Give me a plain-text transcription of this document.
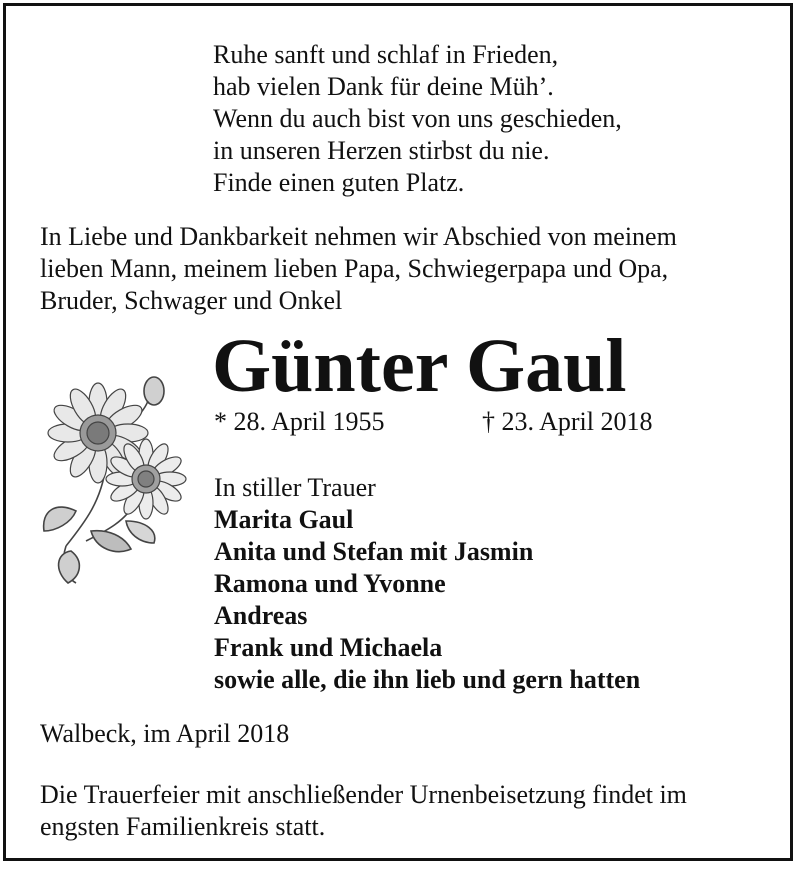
Ruhe sanft und schlaf in Frieden,
hab vielen Dank für deine Müh’.
Wenn du auch bist von uns geschieden,
in unseren Herzen stirbst du nie.
Finde einen guten Platz.
In Liebe und Dankbarkeit nehmen wir Abschied von meinem
lieben Mann, meinem lieben Papa, Schwiegerpapa und Opa,
Bruder, Schwager und Onkel
Günter Gaul
* 28. April 1955	† 23. April 2018
In stiller Trauer
Marita Gaul
Anita und Stefan mit Jasmin
Ramona und Yvonne
Andreas
Frank und Michaela
sowie alle, die ihn lieb und gern hatten
Walbeck, im April 2018
Die Trauerfeier mit anschließender Urnenbeisetzung findet im
engsten Familienkreis statt.
